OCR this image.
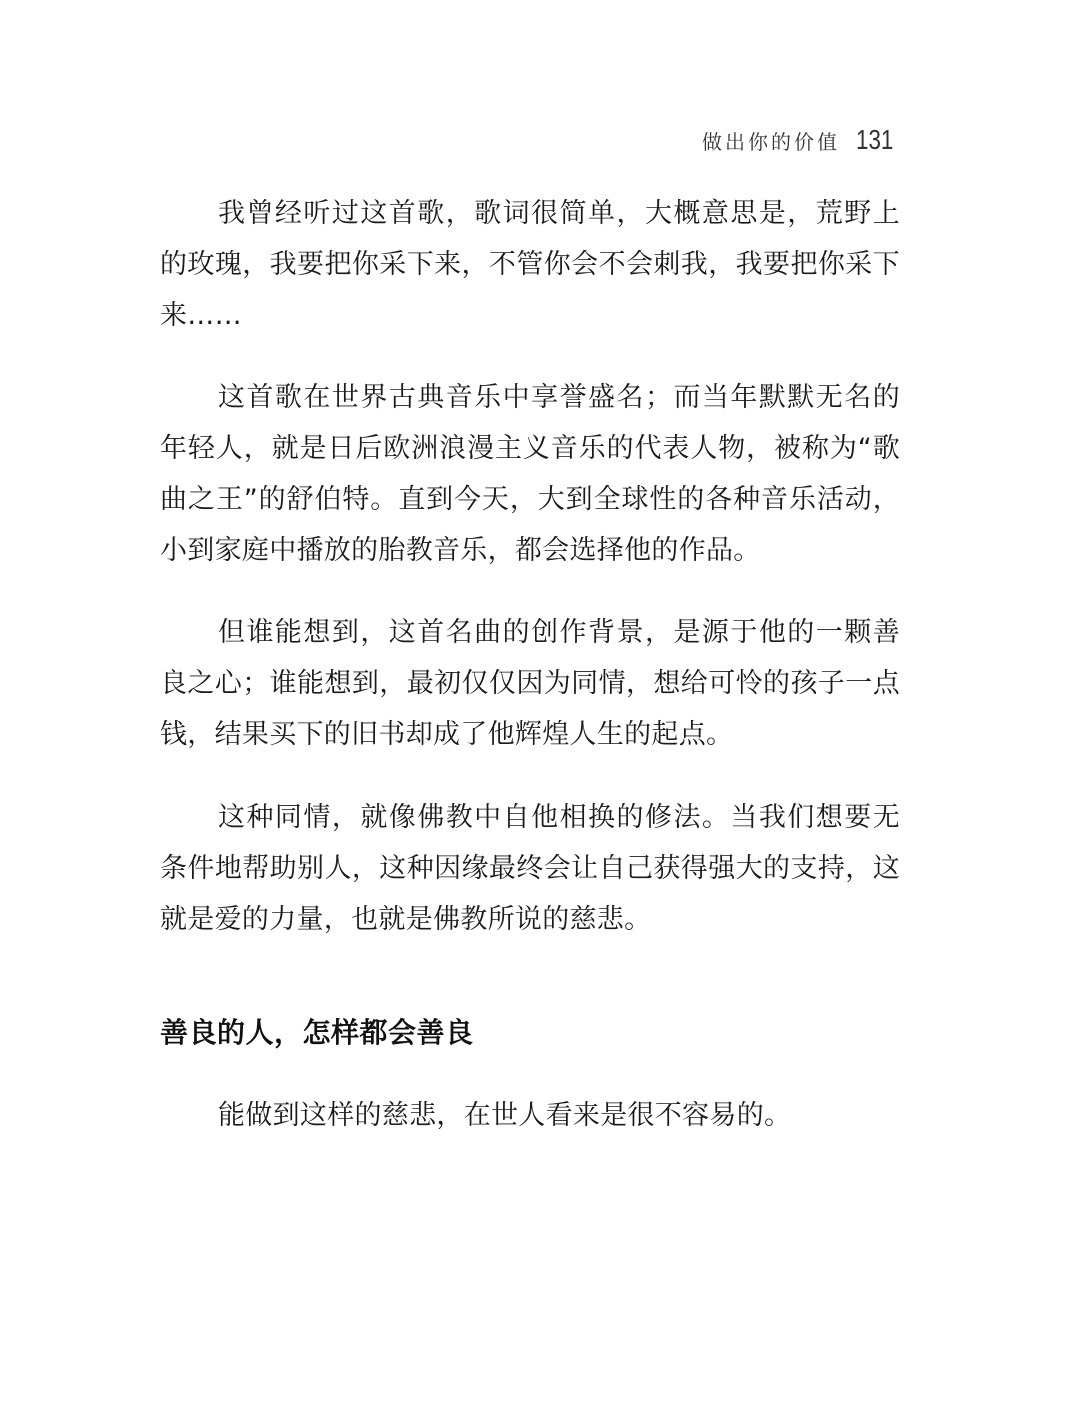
做出你的价值 131

我曾经听过这首歌，歌词很简单，大概意思是，荒野上的玫瑰，我要把你采下来，不管你会不会刺我，我要把你采下来……

这首歌在世界古典音乐中享誉盛名；而当年默默无名的年轻人，就是日后欧洲浪漫主义音乐的代表人物，被称为“歌曲之王”的舒伯特。直到今天，大到全球性的各种音乐活动，小到家庭中播放的胎教音乐，都会选择他的作品。

但谁能想到，这首名曲的创作背景，是源于他的一颗善良之心；谁能想到，最初仅仅因为同情，想给可怜的孩子一点钱，结果买下的旧书却成了他辉煌人生的起点。

这种同情，就像佛教中自他相换的修法。当我们想要无条件地帮助别人，这种因缘最终会让自己获得强大的支持，这就是爱的力量，也就是佛教所说的慈悲。

善良的人，怎样都会善良

能做到这样的慈悲，在世人看来是很不容易的。
